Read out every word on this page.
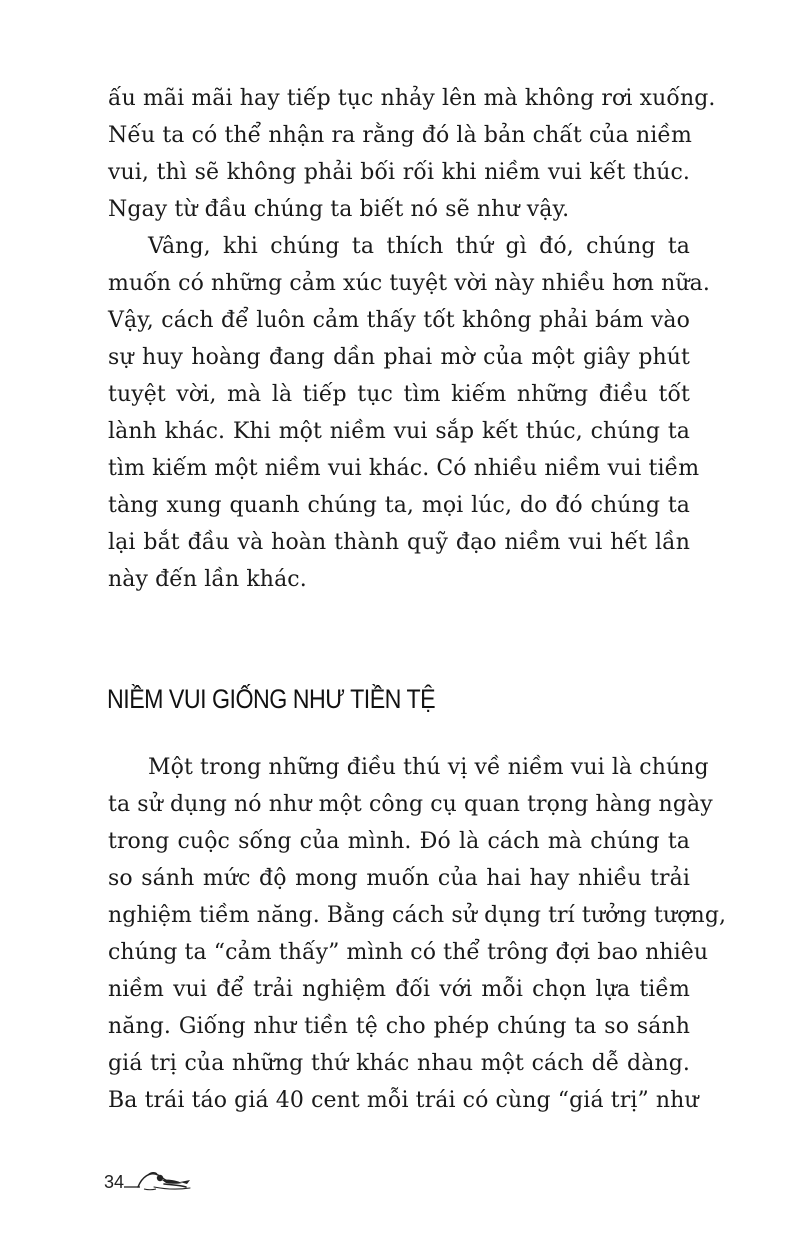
ấu mãi mãi hay tiếp tục nhảy lên mà không rơi xuống.
Nếu ta có thể nhận ra rằng đó là bản chất của niềm
vui, thì sẽ không phải bối rối khi niềm vui kết thúc.
Ngay từ đầu chúng ta biết nó sẽ như vậy.
Vâng, khi chúng ta thích thứ gì đó, chúng ta
muốn có những cảm xúc tuyệt vời này nhiều hơn nữa.
Vậy, cách để luôn cảm thấy tốt không phải bám vào
sự huy hoàng đang dần phai mờ của một giây phút
tuyệt vời, mà là tiếp tục tìm kiếm những điều tốt
lành khác. Khi một niềm vui sắp kết thúc, chúng ta
tìm kiếm một niềm vui khác. Có nhiều niềm vui tiềm
tàng xung quanh chúng ta, mọi lúc, do đó chúng ta
lại bắt đầu và hoàn thành quỹ đạo niềm vui hết lần
này đến lần khác.
NIỀM VUI GIỐNG NHƯ TIỀN TỆ
Một trong những điều thú vị về niềm vui là chúng
ta sử dụng nó như một công cụ quan trọng hàng ngày
trong cuộc sống của mình. Đó là cách mà chúng ta
so sánh mức độ mong muốn của hai hay nhiều trải
nghiệm tiềm năng. Bằng cách sử dụng trí tưởng tượng,
chúng ta “cảm thấy” mình có thể trông đợi bao nhiêu
niềm vui để trải nghiệm đối với mỗi chọn lựa tiềm
năng. Giống như tiền tệ cho phép chúng ta so sánh
giá trị của những thứ khác nhau một cách dễ dàng.
Ba trái táo giá 40 cent mỗi trái có cùng “giá trị” như
34
